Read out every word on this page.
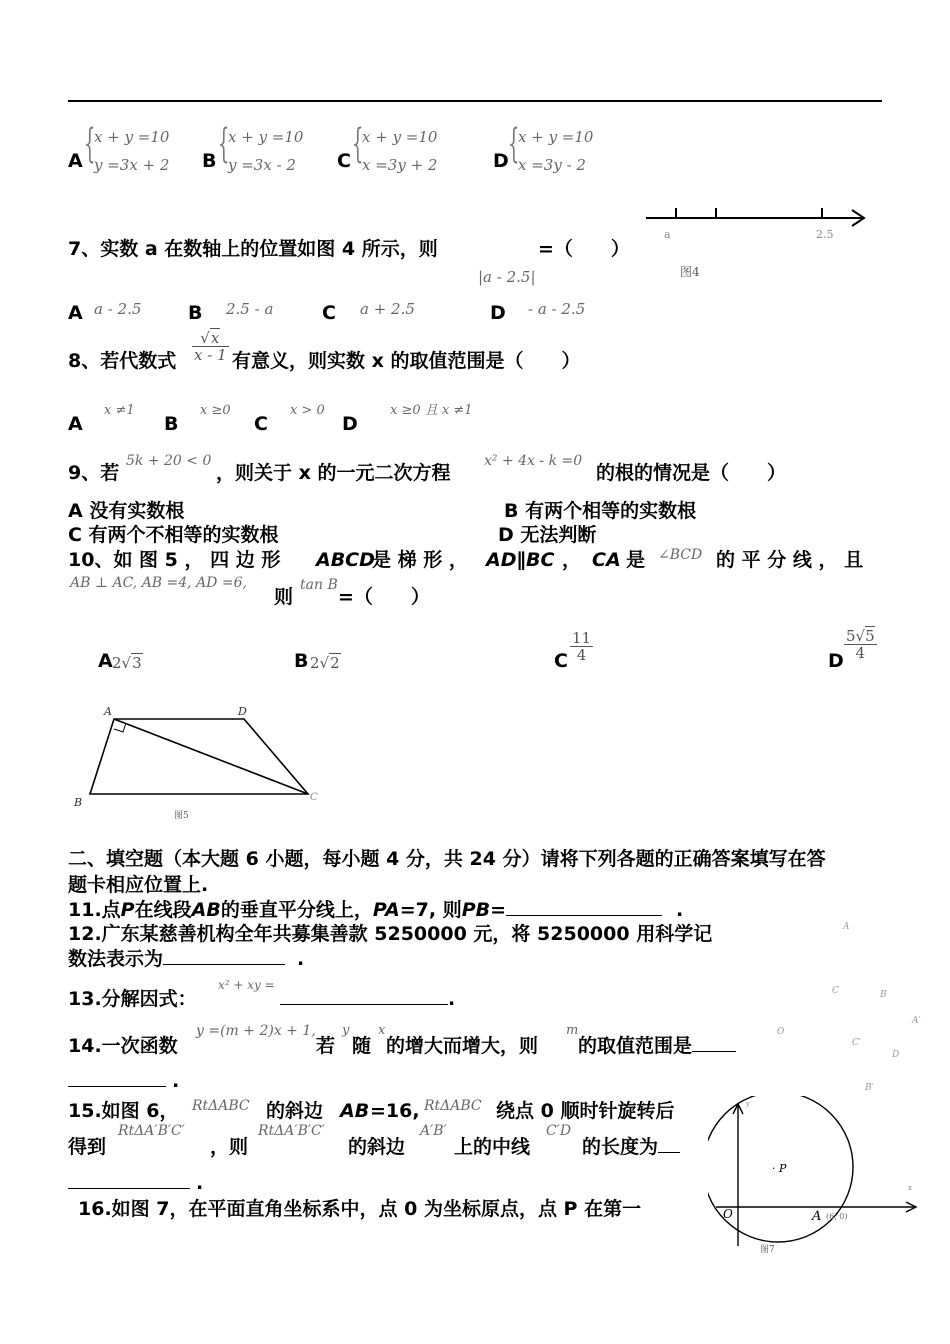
A {
x + y =10
y =3x + 2 B {
x + y =10
y =3x - 2 C {
x + y =10
x =3y + 2	D {
x + y =10
x =3y - 2
a	2.5
图4
7、实数 a 在数轴上的位置如图 4 所示，则	=（　　）
|a - 2.5|
A a - 2.5 B 2.5 - a	C a + 2.5	D - a - 2.5
8、若代数式 $\frac{√x}{x - 1}$ 有意义，则实数 x 的取值范围是（　　）
A
x ≠1
B
x ≥0
C
x > 0
D
x ≥0 且 x ≠1
9、若
5k + 20 < 0
，则关于 x 的一元二次方程
x² + 4x - k =0
的根的情况是（　　）
A 没有实数根	B 有两个相等的实数根
C 有两个不相等的实数根	D 无法判断
10、如 图 5 ， 四 边 形 ABCD
是 梯 形 ， AD∥BC ， CA 是 ∠BCD 的 平 分 线 ， 且
AB ⊥ AC, AB =4, AD =6,
则
tan B
=（　　）
A 2√3	B 2√2	C $\frac{11}{4}$	D $\frac{5√5}{4}$
A	D
B	C
图5
二、填空题（本大题 6 小题，每小题 4 分，共 24 分）请将下列各题的正确答案填写在答
题卡相应位置上.
11.点P在线段AB的垂直平分线上，PA=7, 则PB=	.
12.广东某慈善机构全年共募集善款 5250000 元，将 5250000 用科学记
数法表示为	.
13.分解因式：
x² + xy =
.
A
C	B
O
A′
C′
D
B′
14.一次函数
y =(m + 2)x + 1,
若
y
随
x
的增大而增大，则
m
的取值范围是
.
15.如图 6， RtΔABC 的斜边 AB =16, RtΔABC 绕点 0 顺时针旋转后
得到
RtΔA′B′C′
，则
RtΔA′B′C′
的斜边
A′B′
上的中线
C′D
的长度为
.
16.如图 7，在平面直角坐标系中，点 0 为坐标原点，点 P 在第一
y
x
· P
O	A (6, 0)
图7
